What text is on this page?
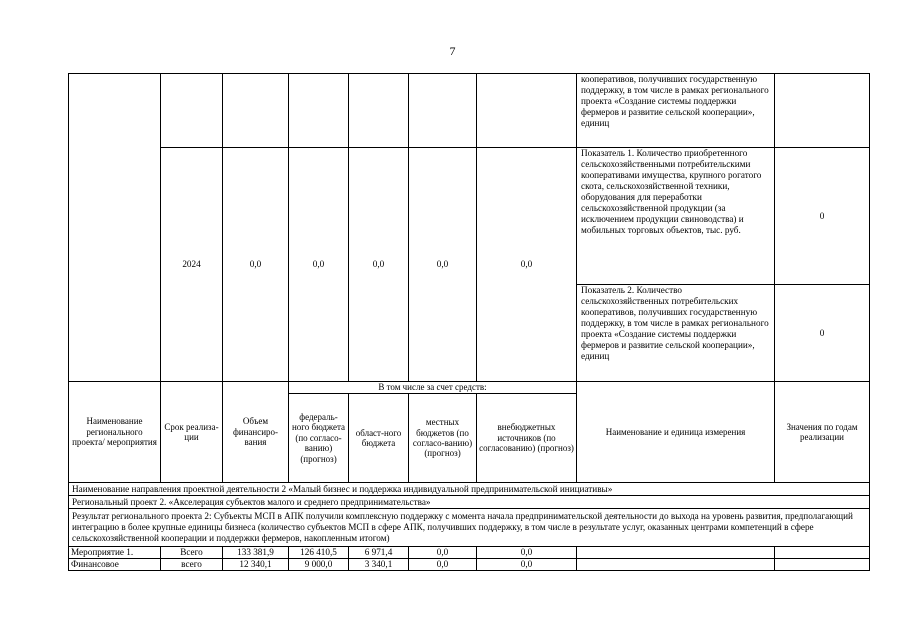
7
							кооперативов, получивших государственную поддержку, в том числе в рамках регионального проекта «Создание системы поддержки фермеров и развитие сельской кооперации», единиц	
	2024	0,0	0,0	0,0	0,0	0,0	Показатель 1. Количество приобретенного сельскохозяйственными потребительскими кооперативами имущества, крупного рогатого скота, сельскохозяйственной техники, оборудования для переработки сельскохозяйственной продукции (за исключением продукции свиноводства) и мобильных торговых объектов, тыс. руб.	0
							Показатель 2. Количество сельскохозяйственных потребительских кооперативов, получивших государственную поддержку, в том числе в рамках регионального проекта «Создание системы поддержки фермеров и развитие сельской кооперации», единиц	0
Наименование регионального проекта/ мероприятия	Срок реализа-ции	Объем финансиро-вания	В том числе за счет средств:				Наименование и единица измерения	Значения по годам реализации
			федераль-ного бюджета (по согласо-ванию) (прогноз)	област-ного бюджета	местных бюджетов (по согласо-ванию) (прогноз)	внебюджетных источников (по согласованию) (прогноз)		
Наименование направления проектной деятельности 2 «Малый бизнес и поддержка индивидуальной предпринимательской инициативы»								
Региональный проект 2. «Акселерация субъектов малого и среднего предпринимательства»								
Результат регионального проекта 2: Субъекты МСП в АПК получили комплексную поддержку с момента начала предпринимательской деятельности до выхода на уровень развития, предполагающий интеграцию в более крупные единицы бизнеса (количество субъектов МСП в сфере АПК, получивших поддержку, в том числе в результате услуг, оказанных центрами компетенций в сфере сельскохозяйственной кооперации и поддержки фермеров, накопленным итогом)								
Мероприятие 1.	Всего	133 381,9	126 410,5	6 971,4	0,0	0,0		
Финансовое	всего	12 340,1	9 000,0	3 340,1	0,0	0,0		
